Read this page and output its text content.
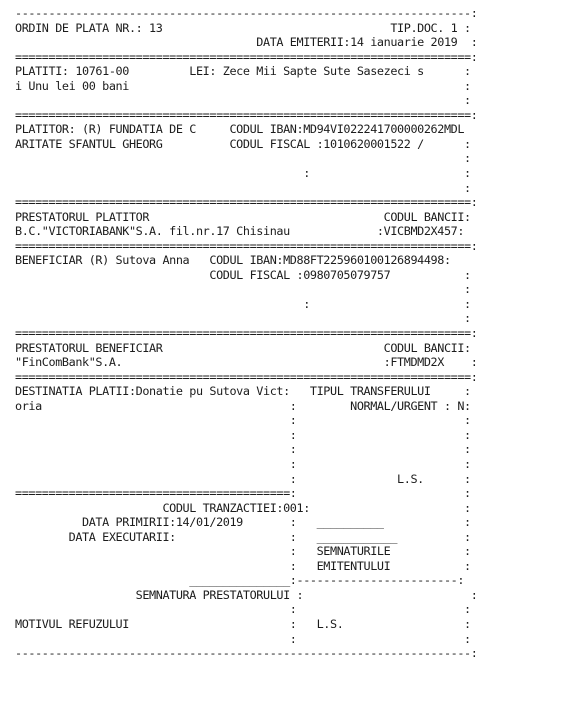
--------------------------------------------------------------------:
ORDIN DE PLATA NR.: 13                                  TIP.DOC. 1 :
DATA EMITERII:14 ianuarie 2019  :
====================================================================:
PLATITI: 10761-00         LEI: Zece Mii Sapte Sute Sasezeci s      :
i Unu lei 00 bani                                                  :
:
====================================================================:
PLATITOR: (R) FUNDATIA DE C     CODUL IBAN:MD94VI022241700000262MDL
ARITATE SFANTUL GHEORG          CODUL FISCAL :1010620001522 /      :
:
:                       :
:
====================================================================:
PRESTATORUL PLATITOR                                   CODUL BANCII:
B.C."VICTORIABANK"S.A. fil.nr.17 Chisinau             :VICBMD2X457:
====================================================================:
BENEFICIAR (R) Sutova Anna   CODUL IBAN:MD88FT225960100126894498:
CODUL FISCAL :0980705079757           :
:
:                       :
:
====================================================================:
PRESTATORUL BENEFICIAR                                 CODUL BANCII:
"FinComBank"S.A.                                       :FTMDMD2X    :
====================================================================:
DESTINATIA PLATII:Donatie pu Sutova Vict:   TIPUL TRANSFERULUI     :
oria                                     :        NORMAL/URGENT : N:
:                         :
:                         :
:                         :
:                         :
:               L.S.      :
=========================================:                         :
CODUL TRANZACTIEI:001:                       :
DATA PRIMIRII:14/01/2019       :   __________            :
DATA EXECUTARII:                 :   ____________          :
:   SEMNATURILE           :
:   EMITENTULUI           :
_______________:------------------------:
SEMNATURA PRESTATORULUI :                         :
:                         :
MOTIVUL REFUZULUI                        :   L.S.                  :
:                         :
--------------------------------------------------------------------:
